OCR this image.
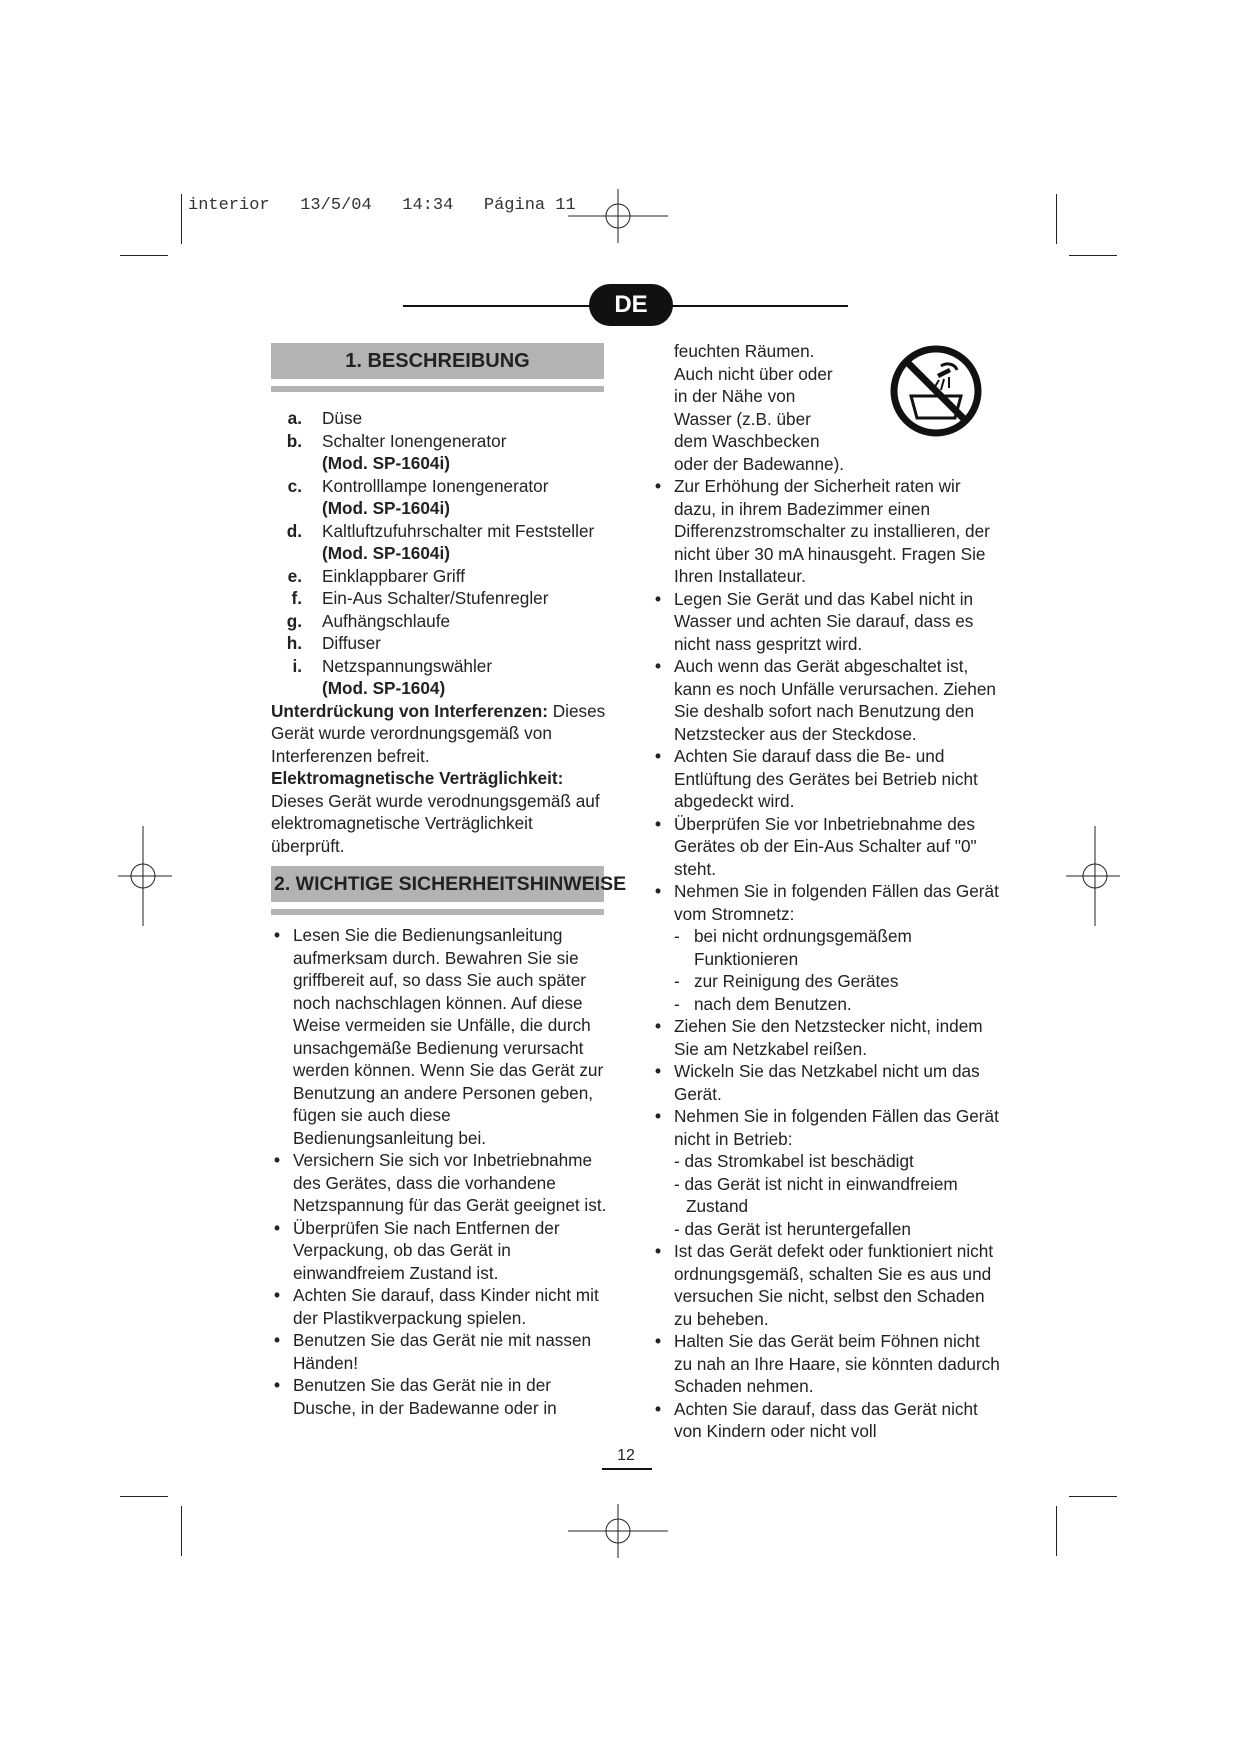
interior 13/5/04 14:34 Página 11
DE
1. BESCHREIBUNG
a.	Düse
b.	Schalter Ionengenerator
(Mod. SP-1604i)
c.	Kontrolllampe Ionengenerator
(Mod. SP-1604i)
d.	Kaltluftzufuhrschalter mit Feststeller
(Mod. SP-1604i)
e.	Einklappbarer Griff
f.	Ein-Aus Schalter/Stufenregler
g.	Aufhängschlaufe
h.	Diffuser
i.	Netzspannungswähler
(Mod. SP-1604)
Unterdrückung von Interferenzen: Dieses Gerät wurde verordnungsgemäß von Interferenzen befreit.
Elektromagnetische Verträglichkeit:
Dieses Gerät wurde verodnungsgemäß auf elektromagnetische Verträglichkeit überprüft.
2. WICHTIGE SICHERHEITSHINWEISE
• Lesen Sie die Bedienungsanleitung aufmerksam durch. Bewahren Sie sie griffbereit auf, so dass Sie auch später noch nachschlagen können. Auf diese Weise vermeiden sie Unfälle, die durch unsachgemäße Bedienung verursacht werden können. Wenn Sie das Gerät zur Benutzung an andere Personen geben, fügen sie auch diese Bedienungsanleitung bei.
• Versichern Sie sich vor Inbetriebnahme des Gerätes, dass die vorhandene Netzspannung für das Gerät geeignet ist.
• Überprüfen Sie nach Entfernen der Verpackung, ob das Gerät in einwandfreiem Zustand ist.
• Achten Sie darauf, dass Kinder nicht mit der Plastikverpackung spielen.
• Benutzen Sie das Gerät nie mit nassen Händen!
• Benutzen Sie das Gerät nie in der Dusche, in der Badewanne oder in
feuchten Räumen. Auch nicht über oder in der Nähe von Wasser (z.B. über dem Waschbecken oder der Badewanne).
• Zur Erhöhung der Sicherheit raten wir dazu, in ihrem Badezimmer einen Differenzstromschalter zu installieren, der nicht über 30 mA hinausgeht. Fragen Sie Ihren Installateur.
• Legen Sie Gerät und das Kabel nicht in Wasser und achten Sie darauf, dass es nicht nass gespritzt wird.
• Auch wenn das Gerät abgeschaltet ist, kann es noch Unfälle verursachen. Ziehen Sie deshalb sofort nach Benutzung den Netzstecker aus der Steckdose.
• Achten Sie darauf dass die Be- und Entlüftung des Gerätes bei Betrieb nicht abgedeckt wird.
• Überprüfen Sie vor Inbetriebnahme des Gerätes ob der Ein-Aus Schalter auf "0" steht.
• Nehmen Sie in folgenden Fällen das Gerät vom Stromnetz:
- bei nicht ordnungsgemäßem Funktionieren
- zur Reinigung des Gerätes
- nach dem Benutzen.
• Ziehen Sie den Netzstecker nicht, indem Sie am Netzkabel reißen.
• Wickeln Sie das Netzkabel nicht um das Gerät.
• Nehmen Sie in folgenden Fällen das Gerät nicht in Betrieb:
- das Stromkabel ist beschädigt
- das Gerät ist nicht in einwandfreiem Zustand
- das Gerät ist heruntergefallen
• Ist das Gerät defekt oder funktioniert nicht ordnungsgemäß, schalten Sie es aus und versuchen Sie nicht, selbst den Schaden zu beheben.
• Halten Sie das Gerät beim Föhnen nicht zu nah an Ihre Haare, sie könnten dadurch Schaden nehmen.
• Achten Sie darauf, dass das Gerät nicht von Kindern oder nicht voll
12
